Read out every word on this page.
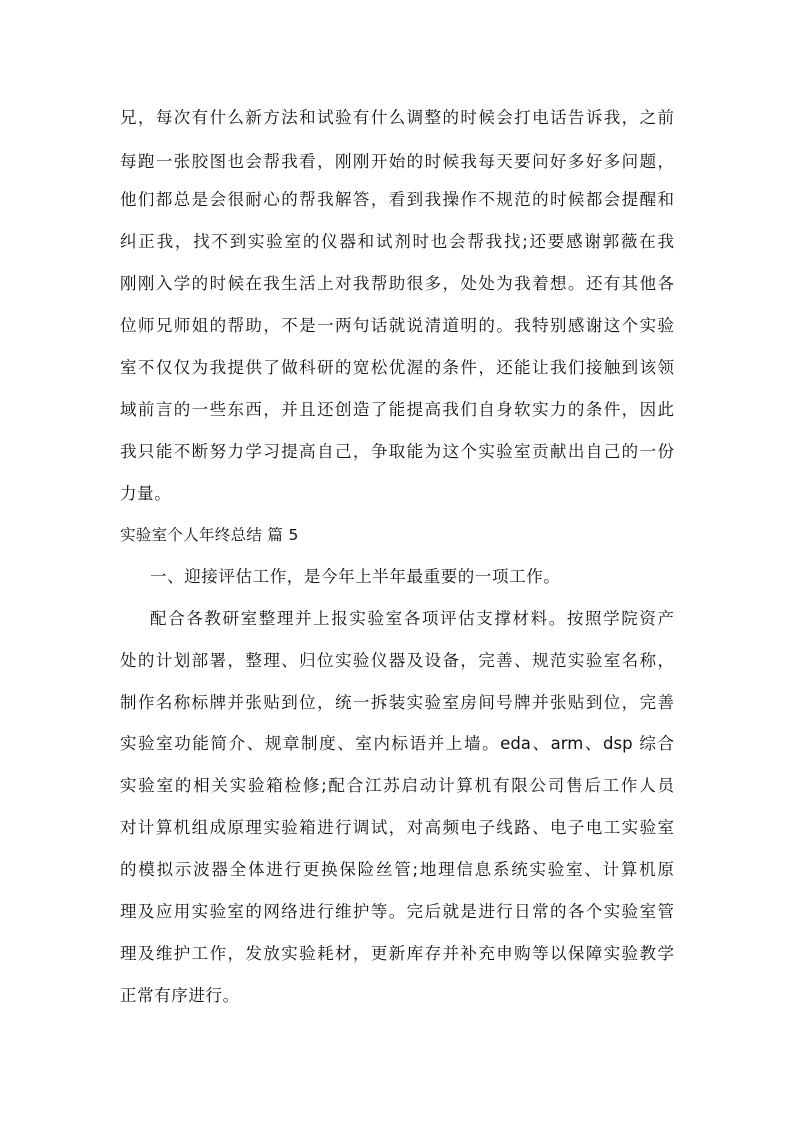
兄，每次有什么新方法和试验有什么调整的时候会打电话告诉我，之前
每跑一张胶图也会帮我看，刚刚开始的时候我每天要问好多好多问题，
他们都总是会很耐心的帮我解答，看到我操作不规范的时候都会提醒和
纠正我，找不到实验室的仪器和试剂时也会帮我找;还要感谢郭薇在我
刚刚入学的时候在我生活上对我帮助很多，处处为我着想。还有其他各
位师兄师姐的帮助，不是一两句话就说清道明的。我特别感谢这个实验
室不仅仅为我提供了做科研的宽松优渥的条件，还能让我们接触到该领
域前言的一些东西，并且还创造了能提高我们自身软实力的条件，因此
我只能不断努力学习提高自己，争取能为这个实验室贡献出自己的一份
力量。
实验室个人年终总结 篇 5
一、迎接评估工作，是今年上半年最重要的一项工作。
配合各教研室整理并上报实验室各项评估支撑材料。按照学院资产
处的计划部署，整理、归位实验仪器及设备，完善、规范实验室名称，
制作名称标牌并张贴到位，统一拆装实验室房间号牌并张贴到位，完善
实验室功能简介、规章制度、室内标语并上墙。eda、arm、dsp 综合
实验室的相关实验箱检修;配合江苏启动计算机有限公司售后工作人员
对计算机组成原理实验箱进行调试，对高频电子线路、电子电工实验室
的模拟示波器全体进行更换保险丝管;地理信息系统实验室、计算机原
理及应用实验室的网络进行维护等。完后就是进行日常的各个实验室管
理及维护工作，发放实验耗材，更新库存并补充申购等以保障实验教学
正常有序进行。
